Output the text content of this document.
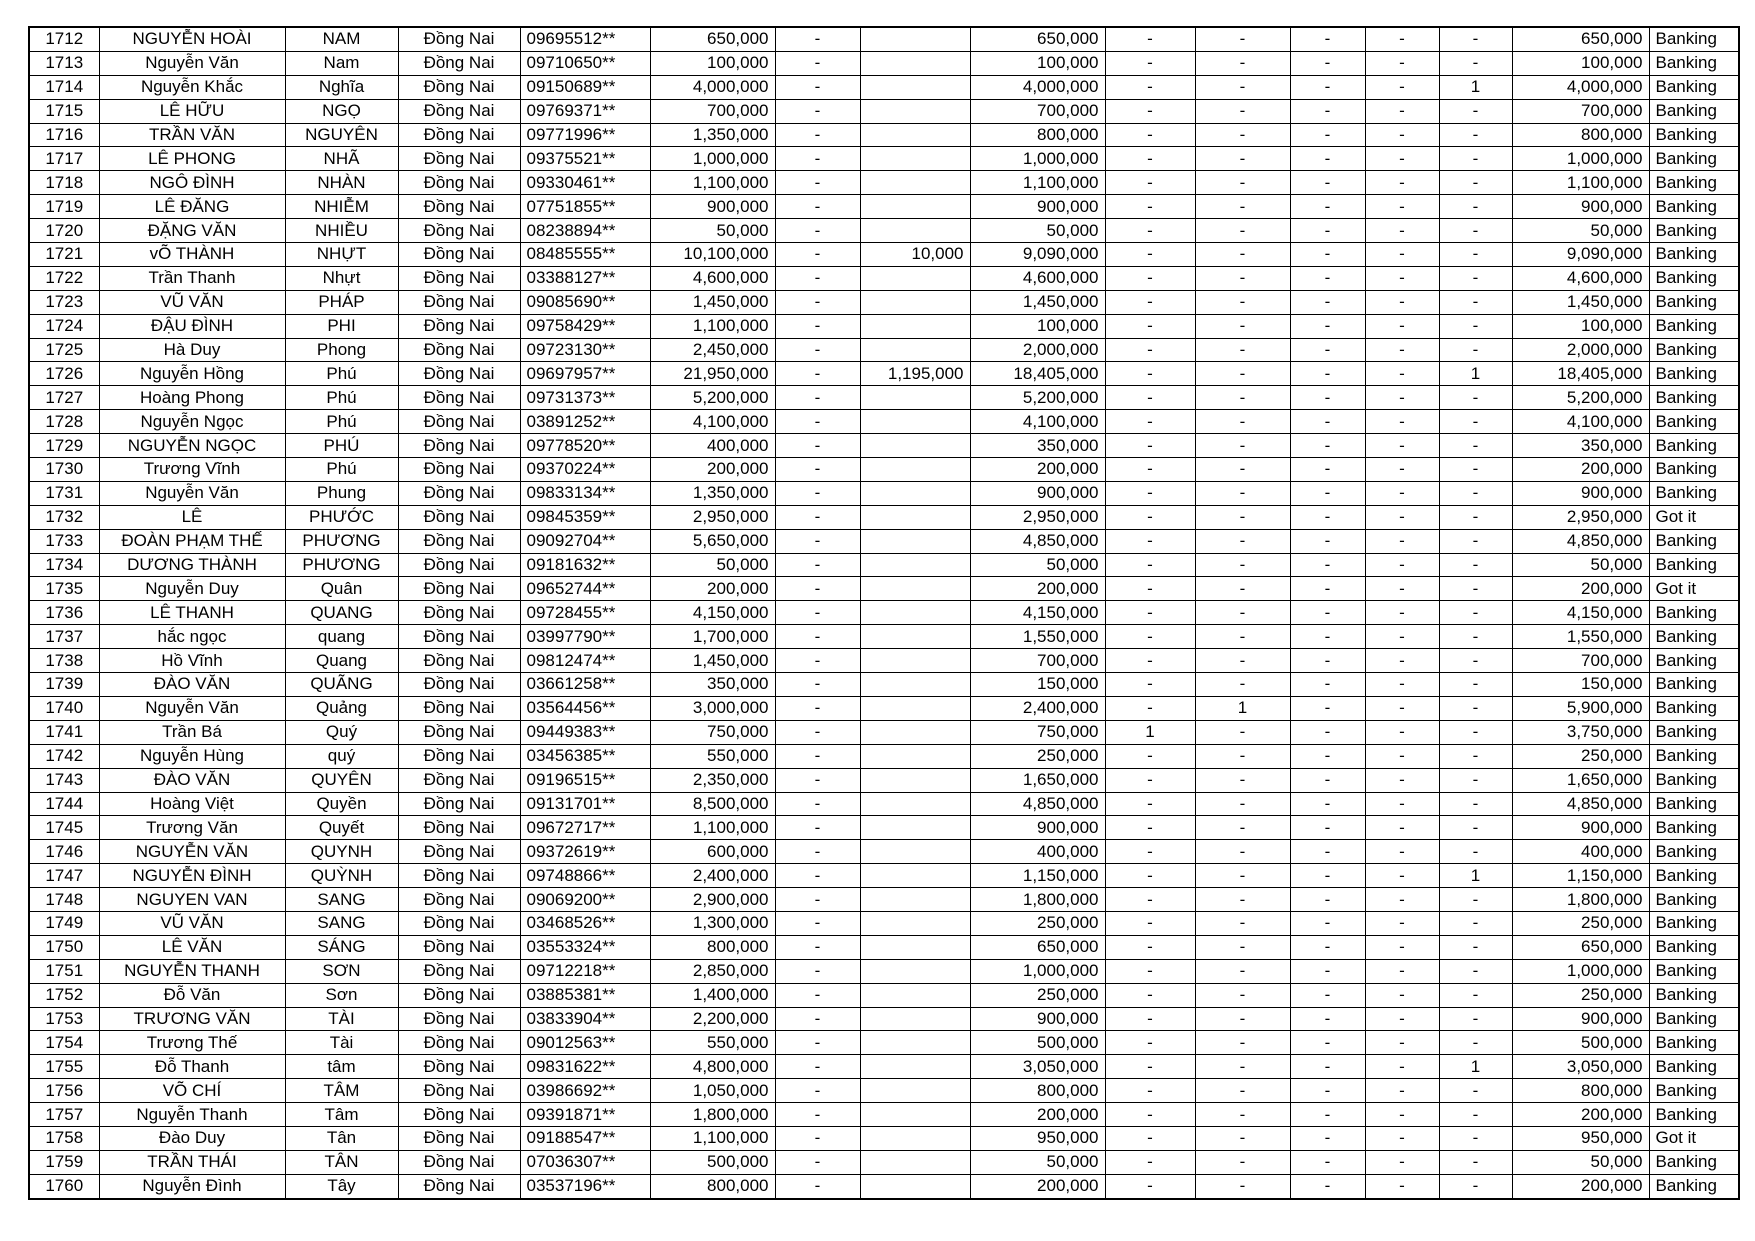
1712	NGUYỄN HOÀI	NAM	Đồng Nai	09695512**	650,000	-		650,000	-	-	-	-	-	650,000	Banking
1713	Nguyễn Văn	Nam	Đồng Nai	09710650**	100,000	-		100,000	-	-	-	-	-	100,000	Banking
1714	Nguyễn Khắc	Nghĩa	Đồng Nai	09150689**	4,000,000	-		4,000,000	-	-	-	-	1	4,000,000	Banking
1715	LÊ HỮU	NGỌ	Đồng Nai	09769371**	700,000	-		700,000	-	-	-	-	-	700,000	Banking
1716	TRẦN VĂN	NGUYÊN	Đồng Nai	09771996**	1,350,000	-		800,000	-	-	-	-	-	800,000	Banking
1717	LÊ PHONG	NHÃ	Đồng Nai	09375521**	1,000,000	-		1,000,000	-	-	-	-	-	1,000,000	Banking
1718	NGÔ ĐÌNH	NHÀN	Đồng Nai	09330461**	1,100,000	-		1,100,000	-	-	-	-	-	1,100,000	Banking
1719	LÊ ĐĂNG	NHIỄM	Đồng Nai	07751855**	900,000	-		900,000	-	-	-	-	-	900,000	Banking
1720	ĐẶNG VĂN	NHIỀU	Đồng Nai	08238894**	50,000	-		50,000	-	-	-	-	-	50,000	Banking
1721	vÕ THÀNH	NHỰT	Đồng Nai	08485555**	10,100,000	-	10,000	9,090,000	-	-	-	-	-	9,090,000	Banking
1722	Trần Thanh	Nhựt	Đồng Nai	03388127**	4,600,000	-		4,600,000	-	-	-	-	-	4,600,000	Banking
1723	VŨ VĂN	PHÁP	Đồng Nai	09085690**	1,450,000	-		1,450,000	-	-	-	-	-	1,450,000	Banking
1724	ĐẬU ĐÌNH	PHI	Đồng Nai	09758429**	1,100,000	-		100,000	-	-	-	-	-	100,000	Banking
1725	Hà Duy	Phong	Đồng Nai	09723130**	2,450,000	-		2,000,000	-	-	-	-	-	2,000,000	Banking
1726	Nguyễn Hồng	Phú	Đồng Nai	09697957**	21,950,000	-	1,195,000	18,405,000	-	-	-	-	1	18,405,000	Banking
1727	Hoàng Phong	Phú	Đồng Nai	09731373**	5,200,000	-		5,200,000	-	-	-	-	-	5,200,000	Banking
1728	Nguyễn Ngọc	Phú	Đồng Nai	03891252**	4,100,000	-		4,100,000	-	-	-	-	-	4,100,000	Banking
1729	NGUYỄN NGỌC	PHÚ	Đồng Nai	09778520**	400,000	-		350,000	-	-	-	-	-	350,000	Banking
1730	Trương Vĩnh	Phú	Đồng Nai	09370224**	200,000	-		200,000	-	-	-	-	-	200,000	Banking
1731	Nguyễn Văn	Phung	Đồng Nai	09833134**	1,350,000	-		900,000	-	-	-	-	-	900,000	Banking
1732	LÊ	PHƯỚC	Đồng Nai	09845359**	2,950,000	-		2,950,000	-	-	-	-	-	2,950,000	Got it
1733	ĐOÀN PHẠM THẾ	PHƯƠNG	Đồng Nai	09092704**	5,650,000	-		4,850,000	-	-	-	-	-	4,850,000	Banking
1734	DƯƠNG THÀNH	PHƯƠNG	Đồng Nai	09181632**	50,000	-		50,000	-	-	-	-	-	50,000	Banking
1735	Nguyễn Duy	Quân	Đồng Nai	09652744**	200,000	-		200,000	-	-	-	-	-	200,000	Got it
1736	LÊ THANH	QUANG	Đồng Nai	09728455**	4,150,000	-		4,150,000	-	-	-	-	-	4,150,000	Banking
1737	hắc ngọc	quang	Đồng Nai	03997790**	1,700,000	-		1,550,000	-	-	-	-	-	1,550,000	Banking
1738	Hồ Vĩnh	Quang	Đồng Nai	09812474**	1,450,000	-		700,000	-	-	-	-	-	700,000	Banking
1739	ĐÀO VĂN	QUÃNG	Đồng Nai	03661258**	350,000	-		150,000	-	-	-	-	-	150,000	Banking
1740	Nguyễn Văn	Quảng	Đồng Nai	03564456**	3,000,000	-		2,400,000	-	1	-	-	-	5,900,000	Banking
1741	Trần Bá	Quý	Đồng Nai	09449383**	750,000	-		750,000	1	-	-	-	-	3,750,000	Banking
1742	Nguyễn Hùng	quý	Đồng Nai	03456385**	550,000	-		250,000	-	-	-	-	-	250,000	Banking
1743	ĐÀO VĂN	QUYÊN	Đồng Nai	09196515**	2,350,000	-		1,650,000	-	-	-	-	-	1,650,000	Banking
1744	Hoàng Việt	Quyền	Đồng Nai	09131701**	8,500,000	-		4,850,000	-	-	-	-	-	4,850,000	Banking
1745	Trương Văn	Quyết	Đồng Nai	09672717**	1,100,000	-		900,000	-	-	-	-	-	900,000	Banking
1746	NGUYỄN VĂN	QUYNH	Đồng Nai	09372619**	600,000	-		400,000	-	-	-	-	-	400,000	Banking
1747	NGUYỄN ĐÌNH	QUỲNH	Đồng Nai	09748866**	2,400,000	-		1,150,000	-	-	-	-	1	1,150,000	Banking
1748	NGUYEN VAN	SANG	Đồng Nai	09069200**	2,900,000	-		1,800,000	-	-	-	-	-	1,800,000	Banking
1749	VŨ VĂN	SANG	Đồng Nai	03468526**	1,300,000	-		250,000	-	-	-	-	-	250,000	Banking
1750	LÊ VĂN	SÁNG	Đồng Nai	03553324**	800,000	-		650,000	-	-	-	-	-	650,000	Banking
1751	NGUYỄN THANH	SƠN	Đồng Nai	09712218**	2,850,000	-		1,000,000	-	-	-	-	-	1,000,000	Banking
1752	Đỗ Văn	Sơn	Đồng Nai	03885381**	1,400,000	-		250,000	-	-	-	-	-	250,000	Banking
1753	TRƯƠNG VĂN	TÀI	Đồng Nai	03833904**	2,200,000	-		900,000	-	-	-	-	-	900,000	Banking
1754	Trương Thế	Tài	Đồng Nai	09012563**	550,000	-		500,000	-	-	-	-	-	500,000	Banking
1755	Đỗ Thanh	tâm	Đồng Nai	09831622**	4,800,000	-		3,050,000	-	-	-	-	1	3,050,000	Banking
1756	VÕ CHÍ	TÂM	Đồng Nai	03986692**	1,050,000	-		800,000	-	-	-	-	-	800,000	Banking
1757	Nguyễn Thanh	Tâm	Đồng Nai	09391871**	1,800,000	-		200,000	-	-	-	-	-	200,000	Banking
1758	Đào Duy	Tân	Đồng Nai	09188547**	1,100,000	-		950,000	-	-	-	-	-	950,000	Got it
1759	TRẦN THÁI	TÂN	Đồng Nai	07036307**	500,000	-		50,000	-	-	-	-	-	50,000	Banking
1760	Nguyễn Đình	Tây	Đồng Nai	03537196**	800,000	-		200,000	-	-	-	-	-	200,000	Banking
